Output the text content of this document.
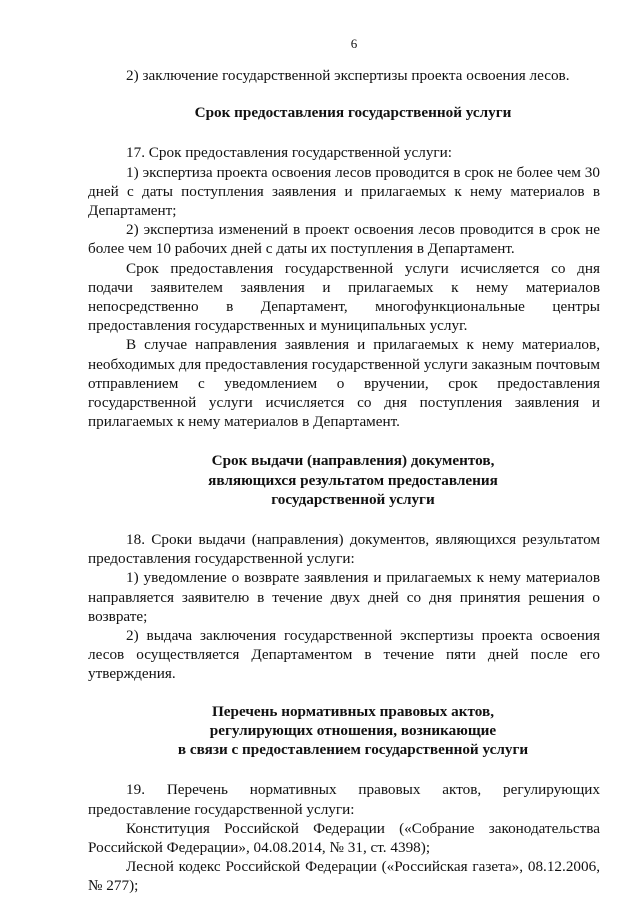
6

2) заключение государственной экспертизы проекта освоения лесов.

Срок предоставления государственной услуги

17. Срок предоставления государственной услуги:

1) экспертиза проекта освоения лесов проводится в срок не более чем 30 дней с даты поступления заявления и прилагаемых к нему материалов в Департамент;

2) экспертиза изменений в проект освоения лесов проводится в срок не более чем 10 рабочих дней с даты их поступления в Департамент.

Срок предоставления государственной услуги исчисляется со дня подачи заявителем заявления и прилагаемых к нему материалов непосредственно в Департамент, многофункциональные центры предоставления государственных и муниципальных услуг.

В случае направления заявления и прилагаемых к нему материалов, необходимых для предоставления государственной услуги заказным почтовым отправлением с уведомлением о вручении, срок предоставления государственной услуги исчисляется со дня поступления заявления и прилагаемых к нему материалов в Департамент.

Срок выдачи (направления) документов,
являющихся результатом предоставления
государственной услуги

18. Сроки выдачи (направления) документов, являющихся результатом предоставления государственной услуги:

1) уведомление о возврате заявления и прилагаемых к нему материалов направляется заявителю в течение двух дней со дня принятия решения о возврате;

2) выдача заключения государственной экспертизы проекта освоения лесов осуществляется Департаментом в течение пяти дней после его утверждения.

Перечень нормативных правовых актов,
регулирующих отношения, возникающие
в связи с предоставлением государственной услуги

19. Перечень нормативных правовых актов, регулирующих предоставление государственной услуги:

Конституция Российской Федерации («Собрание законодательства Российской Федерации», 04.08.2014, № 31, ст. 4398);

Лесной кодекс Российской Федерации («Российская газета», 08.12.2006, № 277);
